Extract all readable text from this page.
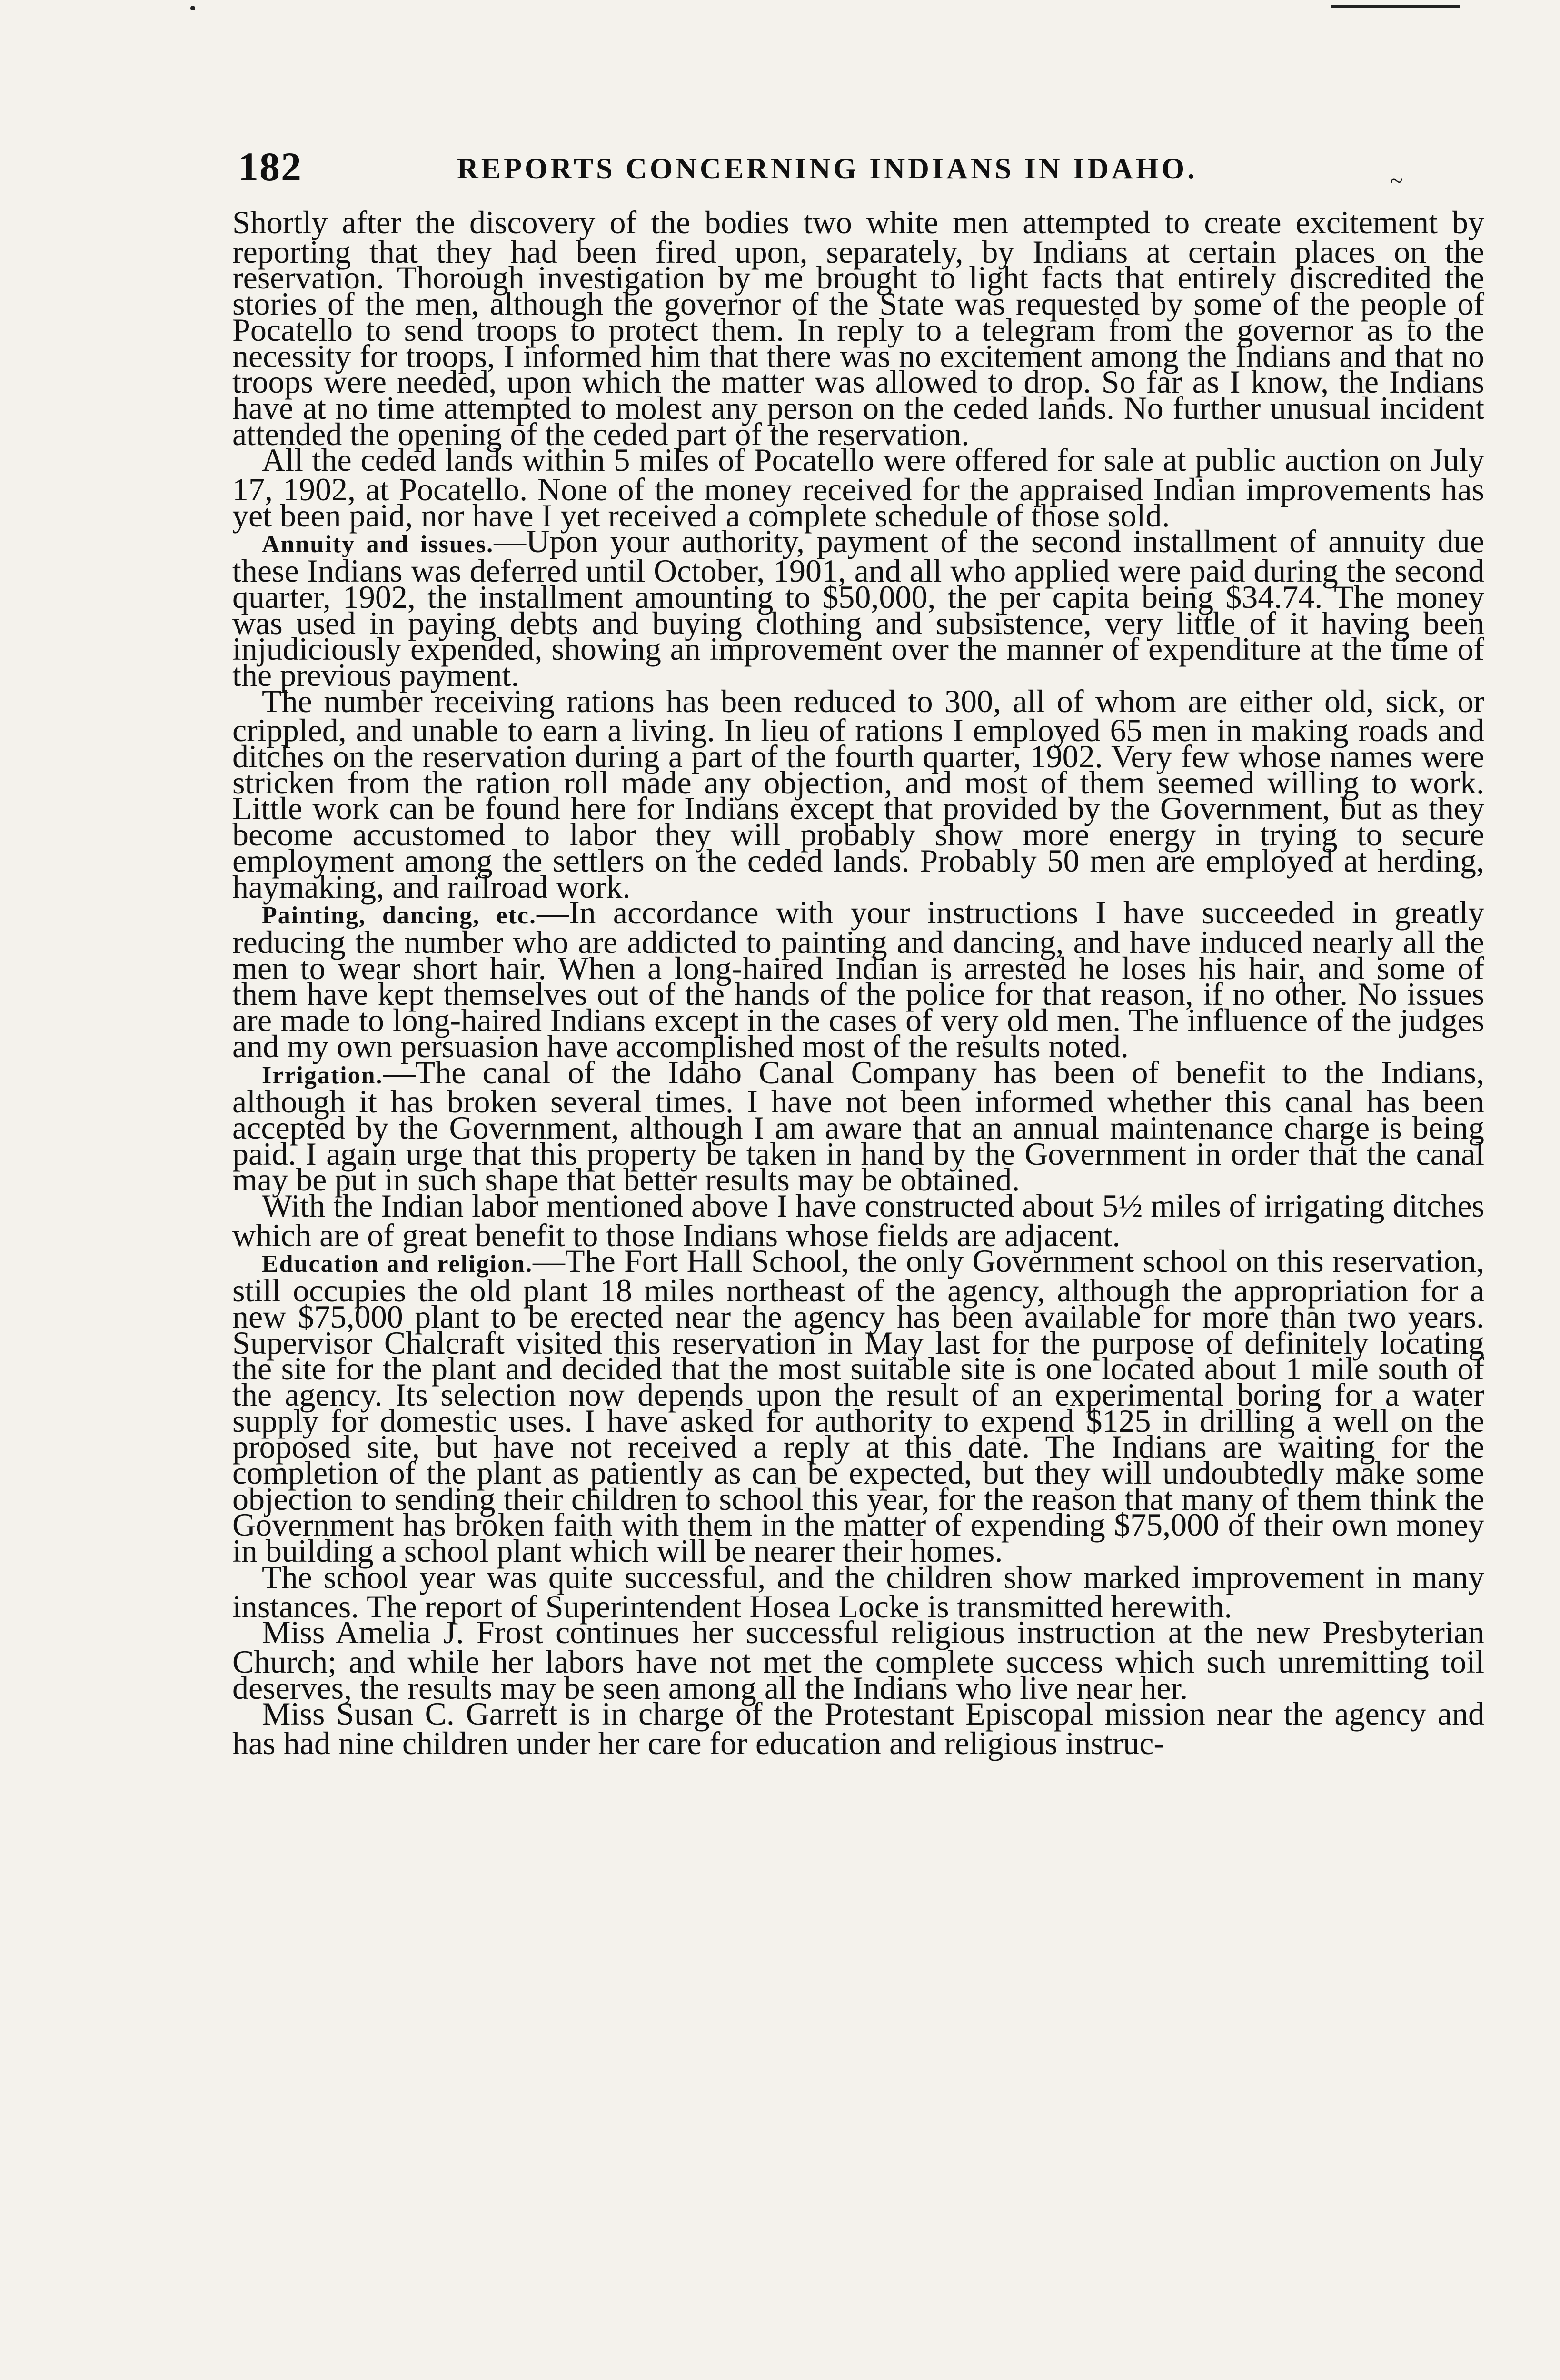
182	REPORTS CONCERNING INDIANS IN IDAHO.	~

Shortly after the discovery of the bodies two white men attempted to create excitement by reporting that they had been fired upon, separately, by Indians at certain places on the reservation. Thorough investigation by me brought to light facts that entirely discredited the stories of the men, although the governor of the State was requested by some of the people of Pocatello to send troops to protect them. In reply to a telegram from the governor as to the necessity for troops, I informed him that there was no excitement among the Indians and that no troops were needed, upon which the matter was allowed to drop. So far as I know, the Indians have at no time attempted to molest any person on the ceded lands. No further unusual incident attended the opening of the ceded part of the reservation.

All the ceded lands within 5 miles of Pocatello were offered for sale at public auction on July 17, 1902, at Pocatello. None of the money received for the appraised Indian improvements has yet been paid, nor have I yet received a complete schedule of those sold.

Annuity and issues.—Upon your authority, payment of the second installment of annuity due these Indians was deferred until October, 1901, and all who applied were paid during the second quarter, 1902, the installment amounting to $50,000, the per capita being $34.74. The money was used in paying debts and buying clothing and subsistence, very little of it having been injudiciously expended, showing an improvement over the manner of expenditure at the time of the previous payment.

The number receiving rations has been reduced to 300, all of whom are either old, sick, or crippled, and unable to earn a living. In lieu of rations I employed 65 men in making roads and ditches on the reservation during a part of the fourth quarter, 1902. Very few whose names were stricken from the ration roll made any objection, and most of them seemed willing to work. Little work can be found here for Indians except that provided by the Government, but as they become accustomed to labor they will probably show more energy in trying to secure employment among the settlers on the ceded lands. Probably 50 men are employed at herding, haymaking, and railroad work.

Painting, dancing, etc.—In accordance with your instructions I have succeeded in greatly reducing the number who are addicted to painting and dancing, and have induced nearly all the men to wear short hair. When a long-haired Indian is arrested he loses his hair, and some of them have kept themselves out of the hands of the police for that reason, if no other. No issues are made to long-haired Indians except in the cases of very old men. The influence of the judges and my own persuasion have accomplished most of the results noted.

Irrigation.—The canal of the Idaho Canal Company has been of benefit to the Indians, although it has broken several times. I have not been informed whether this canal has been accepted by the Government, although I am aware that an annual maintenance charge is being paid. I again urge that this property be taken in hand by the Government in order that the canal may be put in such shape that better results may be obtained.

With the Indian labor mentioned above I have constructed about 5½ miles of irrigating ditches which are of great benefit to those Indians whose fields are adjacent.

Education and religion.—The Fort Hall School, the only Government school on this reservation, still occupies the old plant 18 miles northeast of the agency, although the appropriation for a new $75,000 plant to be erected near the agency has been available for more than two years. Supervisor Chalcraft visited this reservation in May last for the purpose of definitely locating the site for the plant and decided that the most suitable site is one located about 1 mile south of the agency. Its selection now depends upon the result of an experimental boring for a water supply for domestic uses. I have asked for authority to expend $125 in drilling a well on the proposed site, but have not received a reply at this date. The Indians are waiting for the completion of the plant as patiently as can be expected, but they will undoubtedly make some objection to sending their children to school this year, for the reason that many of them think the Government has broken faith with them in the matter of expending $75,000 of their own money in building a school plant which will be nearer their homes.

The school year was quite successful, and the children show marked improvement in many instances. The report of Superintendent Hosea Locke is transmitted herewith.

Miss Amelia J. Frost continues her successful religious instruction at the new Presbyterian Church; and while her labors have not met the complete success which such unremitting toil deserves, the results may be seen among all the Indians who live near her.

Miss Susan C. Garrett is in charge of the Protestant Episcopal mission near the agency and has had nine children under her care for education and religious instruc-
